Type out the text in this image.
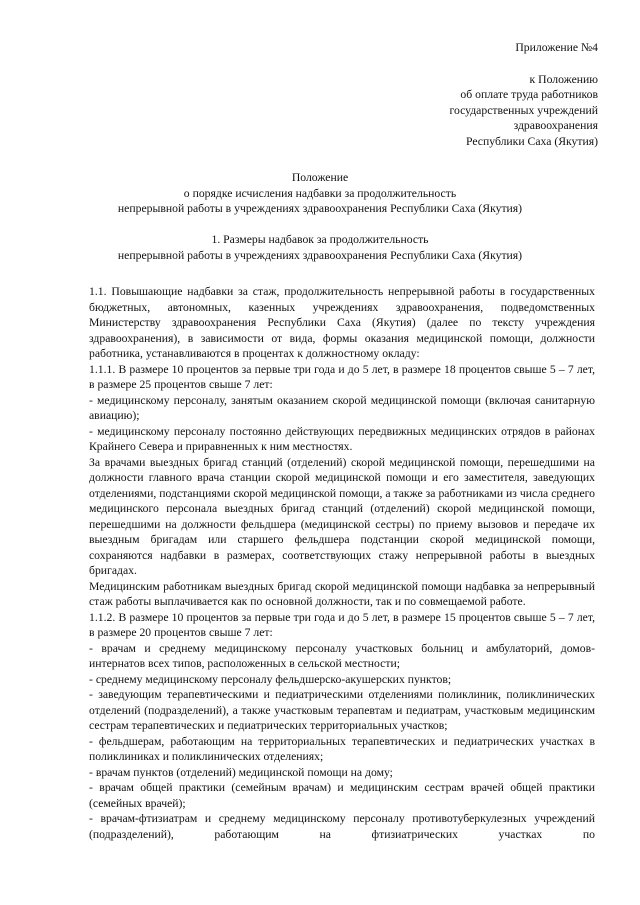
Приложение №4
к Положению
об оплате труда работников
государственных учреждений
здравоохранения
Республики Саха (Якутия)
Положение
о порядке исчисления надбавки за продолжительность
непрерывной работы в учреждениях здравоохранения Республики Саха (Якутия)
1. Размеры надбавок за продолжительность
непрерывной работы в учреждениях здравоохранения Республики Саха (Якутия)

1.1. Повышающие надбавки за стаж, продолжительность непрерывной работы в государственных бюджетных, автономных, казенных учреждениях здравоохранения, подведомственных Министерству здравоохранения Республики Саха (Якутия) (далее по тексту учреждения здравоохранения), в зависимости от вида, формы оказания медицинской помощи, должности работника, устанавливаются в процентах к должностному окладу:

1.1.1. В размере 10 процентов за первые три года и до 5 лет, в размере 18 процентов свыше 5 – 7 лет, в размере 25 процентов свыше 7 лет:

- медицинскому персоналу, занятым оказанием скорой медицинской помощи (включая санитарную авиацию);

- медицинскому персоналу постоянно действующих передвижных медицинских отрядов в районах Крайнего Севера и приравненных к ним местностях.

За врачами выездных бригад станций (отделений) скорой медицинской помощи, перешедшими на должности главного врача станции скорой медицинской помощи и его заместителя, заведующих отделениями, подстанциями скорой медицинской помощи, а также за работниками из числа среднего медицинского персонала выездных бригад станций (отделений) скорой медицинской помощи, перешедшими на должности фельдшера (медицинской сестры) по приему вызовов и передаче их выездным бригадам или старшего фельдшера подстанции скорой медицинской помощи, сохраняются надбавки в размерах, соответствующих стажу непрерывной работы в выездных бригадах.

Медицинским работникам выездных бригад скорой медицинской помощи надбавка за непрерывный стаж работы выплачивается как по основной должности, так и по совмещаемой работе.

1.1.2. В размере 10 процентов за первые три года и до 5 лет, в размере 15 процентов свыше 5 – 7 лет, в размере 20 процентов свыше 7 лет:

- врачам и среднему медицинскому персоналу участковых больниц и амбулаторий, домов-интернатов всех типов, расположенных в сельской местности;

- среднему медицинскому персоналу фельдшерско-акушерских пунктов;

- заведующим терапевтическими и педиатрическими отделениями поликлиник, поликлинических отделений (подразделений), а также участковым терапевтам и педиатрам, участковым медицинским сестрам терапевтических и педиатрических территориальных участков;

- фельдшерам, работающим на территориальных терапевтических и педиатрических участках в поликлиниках и поликлинических отделениях;

- врачам пунктов (отделений) медицинской помощи на дому;

- врачам общей практики (семейным врачам) и медицинским сестрам врачей общей практики (семейных врачей);

- врачам-фтизиатрам и среднему медицинскому персоналу противотуберкулезных учреждений (подразделений), работающим на фтизиатрических участках по
